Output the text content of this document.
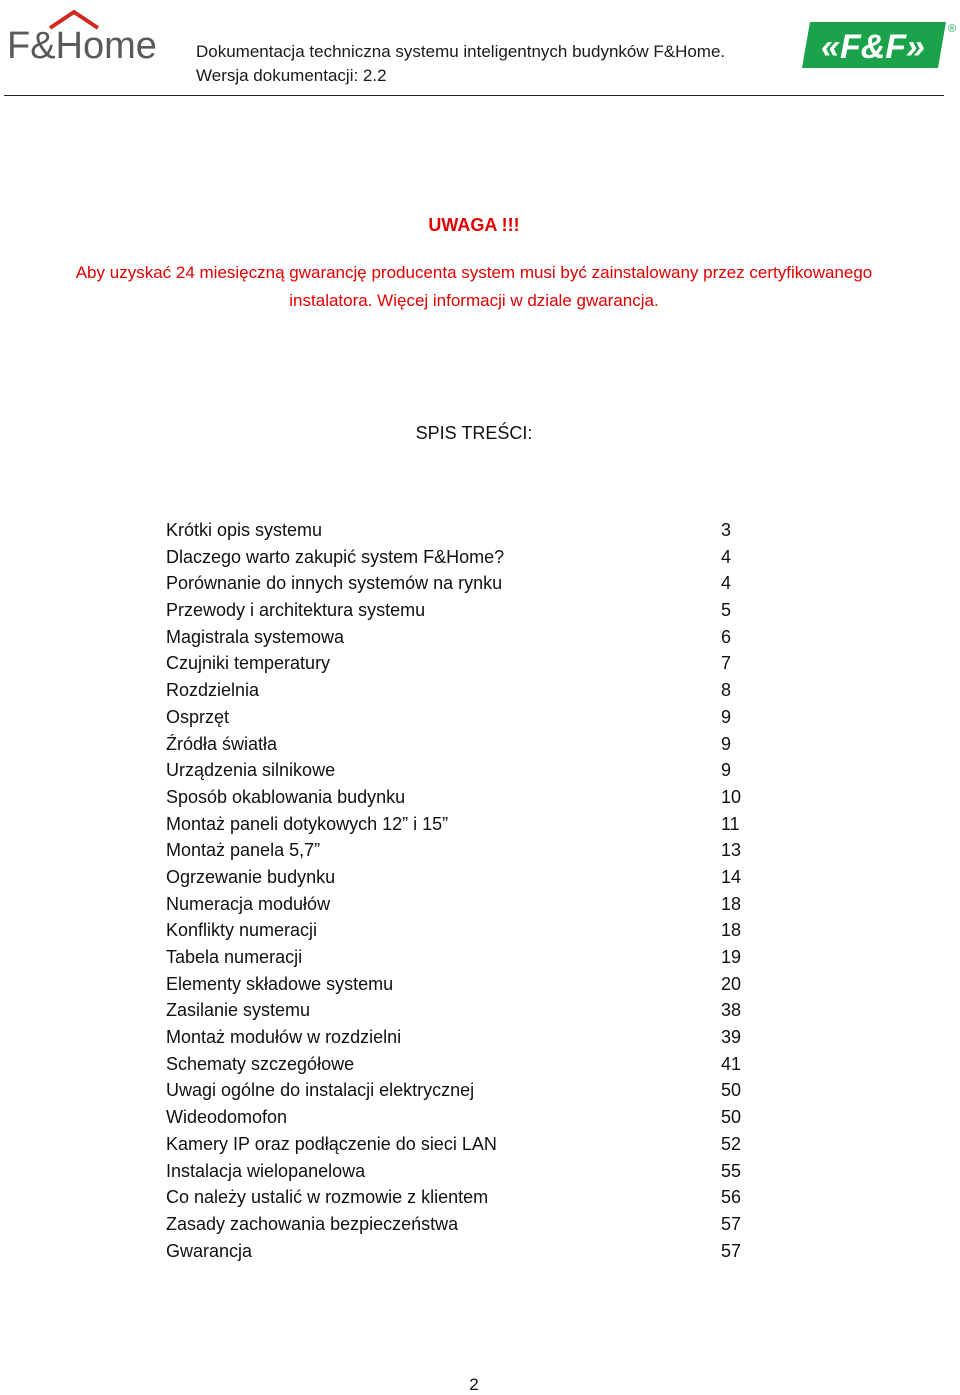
F&Home Dokumentacja techniczna systemu inteligentnych budynków F&Home.
Wersja dokumentacji: 2.2
«F&F» ®
UWAGA !!!
Aby uzyskać 24 miesięczną gwarancję producenta system musi być zainstalowany przez certyfikowanego instalatora. Więcej informacji w dziale gwarancja.
SPIS TREŚCI:
Krótki opis systemu	3
Dlaczego warto zakupić system F&Home?	4
Porównanie do innych systemów na rynku	4
Przewody i architektura systemu	5
Magistrala systemowa	6
Czujniki temperatury	7
Rozdzielnia	8
Osprzęt	9
Źródła światła	9
Urządzenia silnikowe	9
Sposób okablowania budynku	10
Montaż paneli dotykowych 12” i 15”	11
Montaż panela 5,7”	13
Ogrzewanie budynku	14
Numeracja modułów	18
Konflikty numeracji	18
Tabela numeracji	19
Elementy składowe systemu	20
Zasilanie systemu	38
Montaż modułów w rozdzielni	39
Schematy szczegółowe	41
Uwagi ogólne do instalacji elektrycznej	50
Wideodomofon	50
Kamery IP oraz podłączenie do sieci LAN	52
Instalacja wielopanelowa	55
Co należy ustalić w rozmowie z klientem	56
Zasady zachowania bezpieczeństwa	57
Gwarancja	57
2
